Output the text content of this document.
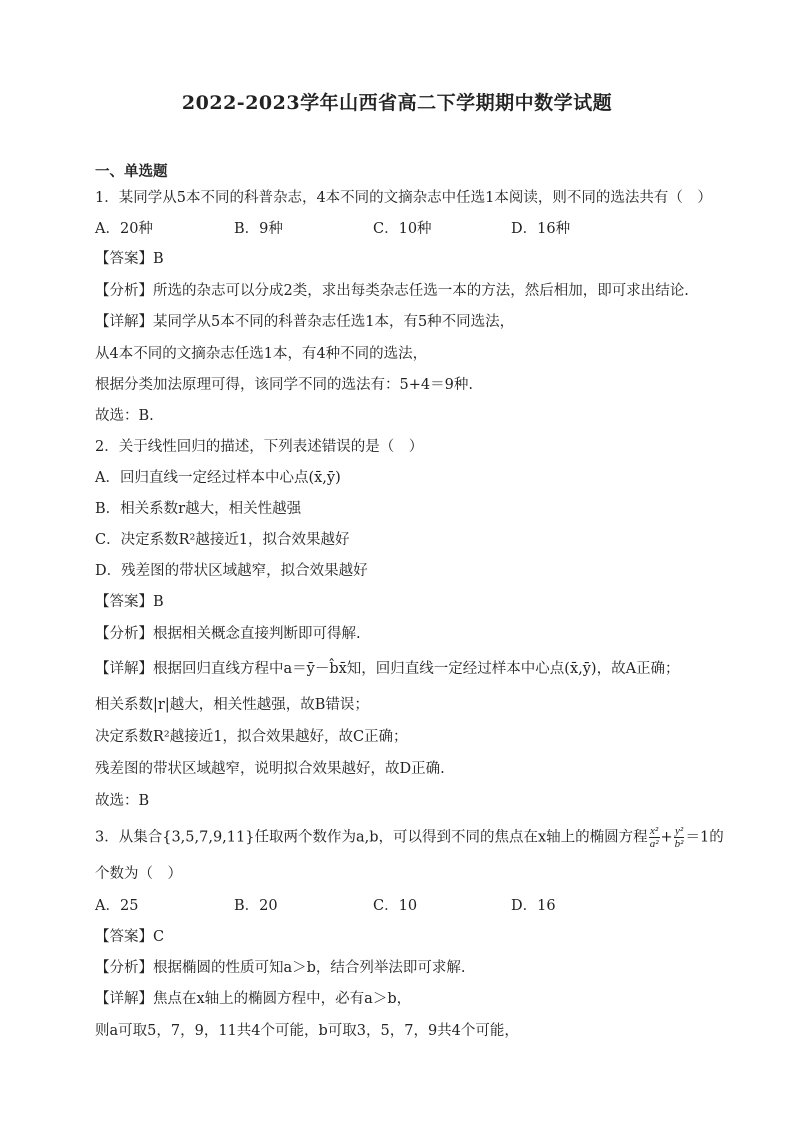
2022-2023学年山西省高二下学期期中数学试题
一、单选题
1．某同学从5本不同的科普杂志，4本不同的文摘杂志中任选1本阅读，则不同的选法共有（　）
A．20种	B．9种	C．10种	D．16种
【答案】B
【分析】所选的杂志可以分成2类，求出每类杂志任选一本的方法，然后相加，即可求出结论.
【详解】某同学从5本不同的科普杂志任选1本，有5种不同选法，
从4本不同的文摘杂志任选1本，有4种不同的选法，
根据分类加法原理可得，该同学不同的选法有：5+4＝9种.
故选：B.
2．关于线性回归的描述，下列表述错误的是（　）
A．回归直线一定经过样本中心点(x̄,ȳ)
B．相关系数r越大，相关性越强
C．决定系数R²越接近1，拟合效果越好
D．残差图的带状区域越窄，拟合效果越好
【答案】B
【分析】根据相关概念直接判断即可得解.
【详解】根据回归直线方程中a＝ȳ－b̂x̄知，回归直线一定经过样本中心点(x̄,ȳ)，故A正确；
相关系数|r|越大，相关性越强，故B错误；
决定系数R²越接近1，拟合效果越好，故C正确；
残差图的带状区域越窄，说明拟合效果越好，故D正确.
故选：B
3．从集合{3,5,7,9,11}任取两个数作为a,b，可以得到不同的焦点在x轴上的椭圆方程 $\frac{\text{x²}}{\text{a²}} + \frac{\text{y²}}{\text{b²}} =1$的
个数为（　）
A．25	B．20	C．10	D．16
【答案】C
【分析】根据椭圆的性质可知a＞b，结合列举法即可求解.
【详解】焦点在x轴上的椭圆方程中，必有a＞b，
则a可取5，7，9，11共4个可能，b可取3，5，7，9共4个可能，
